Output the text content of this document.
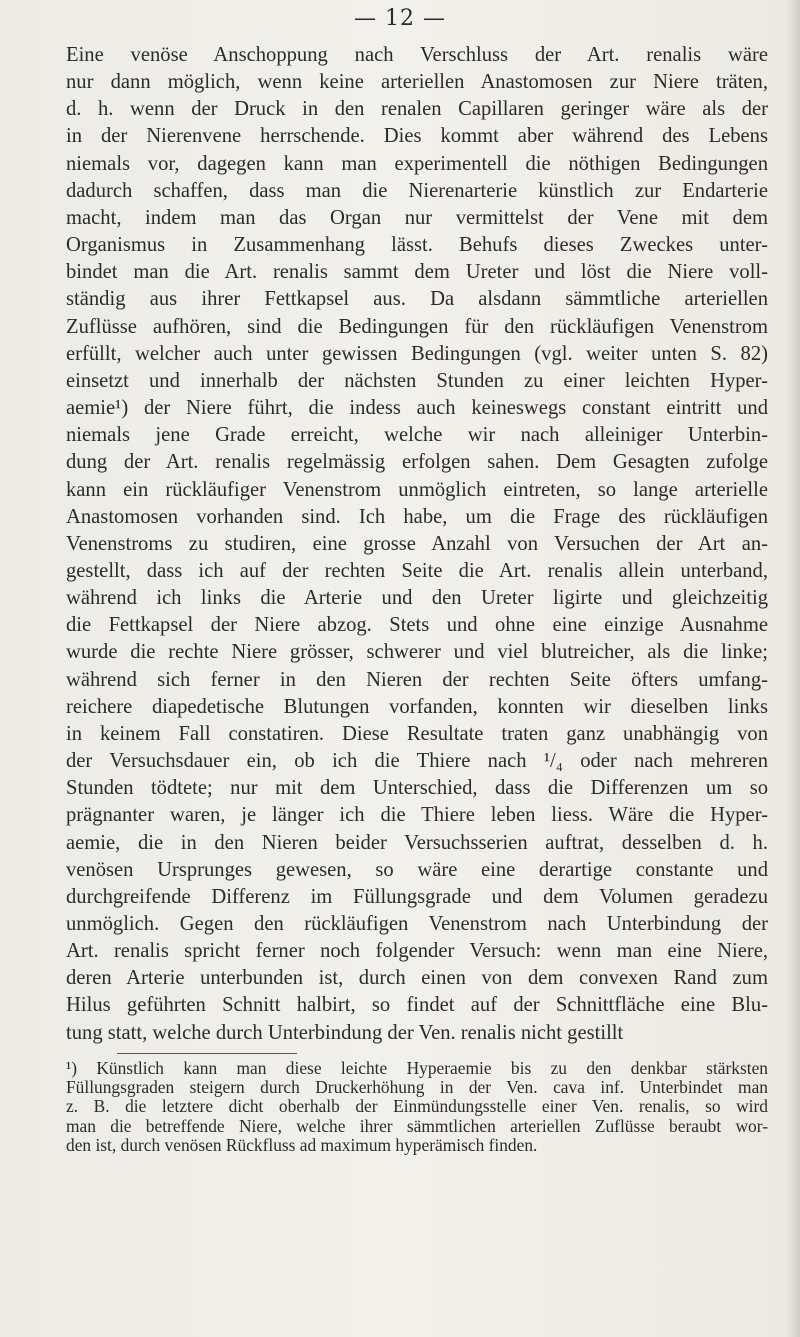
— 12 —
Eine venöse Anschoppung nach Verschluss der Art. renalis wäre
nur dann möglich, wenn keine arteriellen Anastomosen zur Niere träten,
d. h. wenn der Druck in den renalen Capillaren geringer wäre als der
in der Nierenvene herrschende. Dies kommt aber während des Lebens
niemals vor, dagegen kann man experimentell die nöthigen Bedingungen
dadurch schaffen, dass man die Nierenarterie künstlich zur Endarterie
macht, indem man das Organ nur vermittelst der Vene mit dem
Organismus in Zusammenhang lässt. Behufs dieses Zweckes unter-
bindet man die Art. renalis sammt dem Ureter und löst die Niere voll-
ständig aus ihrer Fettkapsel aus. Da alsdann sämmtliche arteriellen
Zuflüsse aufhören, sind die Bedingungen für den rückläufigen Venenstrom
erfüllt, welcher auch unter gewissen Bedingungen (vgl. weiter unten S. 82)
einsetzt und innerhalb der nächsten Stunden zu einer leichten Hyper-
aemie¹) der Niere führt, die indess auch keineswegs constant eintritt und
niemals jene Grade erreicht, welche wir nach alleiniger Unterbin-
dung der Art. renalis regelmässig erfolgen sahen. Dem Gesagten zufolge
kann ein rückläufiger Venenstrom unmöglich eintreten, so lange arterielle
Anastomosen vorhanden sind. Ich habe, um die Frage des rückläufigen
Venenstroms zu studiren, eine grosse Anzahl von Versuchen der Art an-
gestellt, dass ich auf der rechten Seite die Art. renalis allein unterband,
während ich links die Arterie und den Ureter ligirte und gleichzeitig
die Fettkapsel der Niere abzog. Stets und ohne eine einzige Ausnahme
wurde die rechte Niere grösser, schwerer und viel blutreicher, als die linke;
während sich ferner in den Nieren der rechten Seite öfters umfang-
reichere diapedetische Blutungen vorfanden, konnten wir dieselben links
in keinem Fall constatiren. Diese Resultate traten ganz unabhängig von
der Versuchsdauer ein, ob ich die Thiere nach ¹/₄ oder nach mehreren
Stunden tödtete; nur mit dem Unterschied, dass die Differenzen um so
prägnanter waren, je länger ich die Thiere leben liess. Wäre die Hyper-
aemie, die in den Nieren beider Versuchsserien auftrat, desselben d. h.
venösen Ursprunges gewesen, so wäre eine derartige constante und
durchgreifende Differenz im Füllungsgrade und dem Volumen geradezu
unmöglich. Gegen den rückläufigen Venenstrom nach Unterbindung der
Art. renalis spricht ferner noch folgender Versuch: wenn man eine Niere,
deren Arterie unterbunden ist, durch einen von dem convexen Rand zum
Hilus geführten Schnitt halbirt, so findet auf der Schnittfläche eine Blu-
tung statt, welche durch Unterbindung der Ven. renalis nicht gestillt
¹) Künstlich kann man diese leichte Hyperaemie bis zu den denkbar stärksten
Füllungsgraden steigern durch Druckerhöhung in der Ven. cava inf. Unterbindet man
z. B. die letztere dicht oberhalb der Einmündungsstelle einer Ven. renalis, so wird
man die betreffende Niere, welche ihrer sämmtlichen arteriellen Zuflüsse beraubt wor-
den ist, durch venösen Rückfluss ad maximum hyperämisch finden.
